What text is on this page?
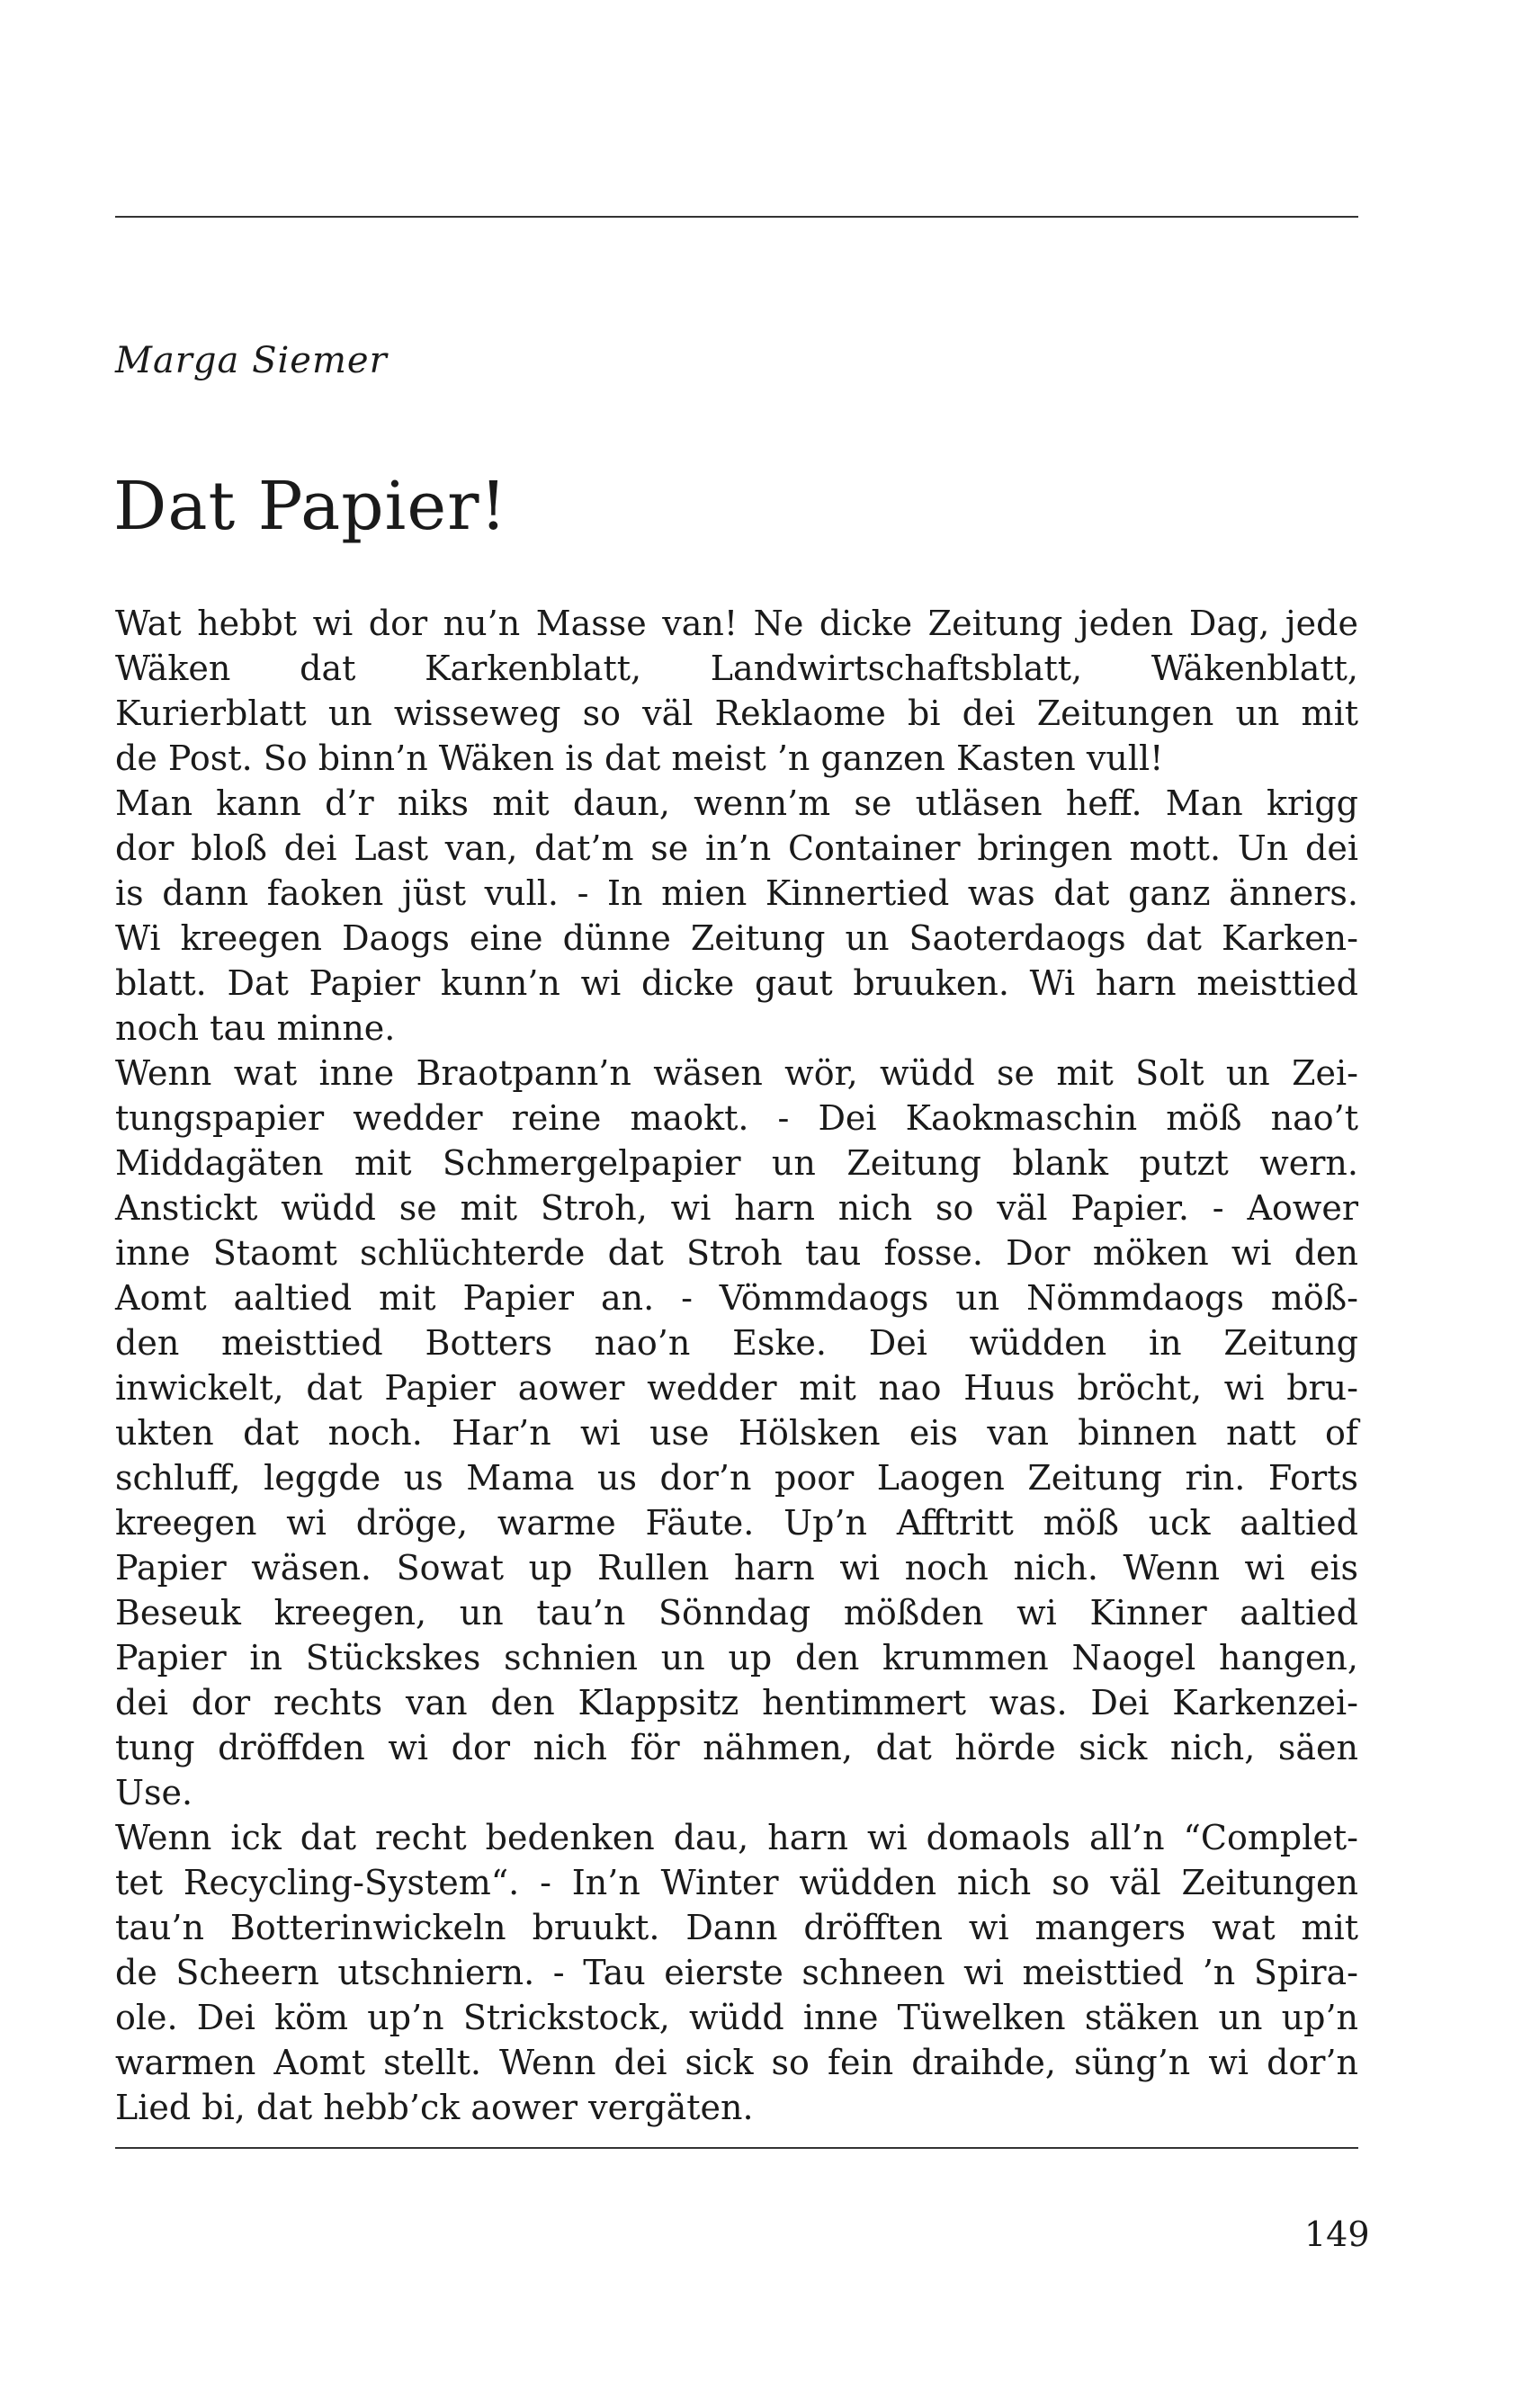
Marga Siemer
Dat Papier!
Wat hebbt wi dor nu’n Masse van! Ne dicke Zeitung jeden Dag, jede
Wäken dat Karkenblatt, Landwirtschaftsblatt, Wäkenblatt,
Kurierblatt un wisseweg so väl Reklaome bi dei Zeitungen un mit
de Post. So binn’n Wäken is dat meist ’n ganzen Kasten vull!
Man kann d’r niks mit daun, wenn’m se utläsen heff. Man krigg
dor bloß dei Last van, dat’m se in’n Container bringen mott. Un dei
is dann faoken jüst vull. - In mien Kinnertied was dat ganz änners.
Wi kreegen Daogs eine dünne Zeitung un Saoterdaogs dat Karken-
blatt. Dat Papier kunn’n wi dicke gaut bruuken. Wi harn meisttied
noch tau minne.
Wenn wat inne Braotpann’n wäsen wör, wüdd se mit Solt un Zei-
tungspapier wedder reine maokt. - Dei Kaokmaschin möß nao’t
Middagäten mit Schmergelpapier un Zeitung blank putzt wern.
Anstickt wüdd se mit Stroh, wi harn nich so väl Papier. - Aower
inne Staomt schlüchterde dat Stroh tau fosse. Dor möken wi den
Aomt aaltied mit Papier an. - Vömmdaogs un Nömmdaogs möß-
den meisttied Botters nao’n Eske. Dei wüdden in Zeitung
inwickelt, dat Papier aower wedder mit nao Huus bröcht, wi bru-
ukten dat noch. Har’n wi use Hölsken eis van binnen natt of
schluff, leggde us Mama us dor’n poor Laogen Zeitung rin. Forts
kreegen wi dröge, warme Fäute. Up’n Afftritt möß uck aaltied
Papier wäsen. Sowat up Rullen harn wi noch nich. Wenn wi eis
Beseuk kreegen, un tau’n Sönndag mößden wi Kinner aaltied
Papier in Stückskes schnien un up den krummen Naogel hangen,
dei dor rechts van den Klappsitz hentimmert was. Dei Karkenzei-
tung dröffden wi dor nich för nähmen, dat hörde sick nich, säen
Use.
Wenn ick dat recht bedenken dau, harn wi domaols all’n “Complet-
tet Recycling-System“. - In’n Winter wüdden nich so väl Zeitungen
tau’n Botterinwickeln bruukt. Dann dröfften wi mangers wat mit
de Scheern utschniern. - Tau eierste schneen wi meisttied ’n Spira-
ole. Dei köm up’n Strickstock, wüdd inne Tüwelken stäken un up’n
warmen Aomt stellt. Wenn dei sick so fein draihde, süng’n wi dor’n
Lied bi, dat hebb’ck aower vergäten.
149
